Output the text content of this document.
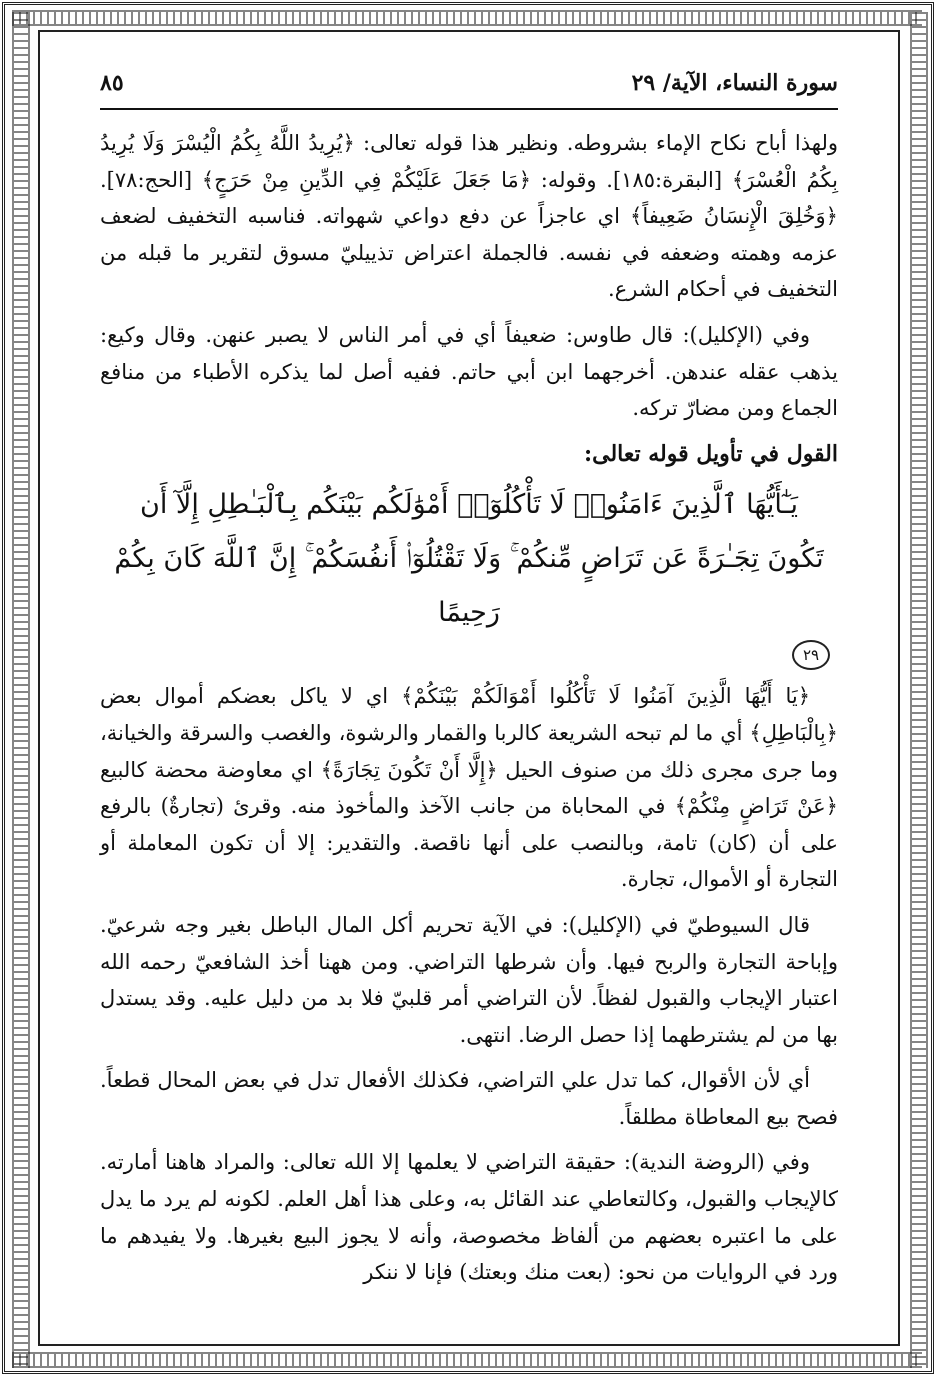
سورة النساء، الآية/ ٢٩
٨٥

ولهذا أباح نكاح الإماء بشروطه. ونظير هذا قوله تعالى: ﴿يُرِيدُ اللَّهُ بِكُمُ الْيُسْرَ وَلَا يُرِيدُ بِكُمُ الْعُسْرَ﴾ [البقرة:١٨٥]. وقوله: ﴿مَا جَعَلَ عَلَيْكُمْ فِي الدِّينِ مِنْ حَرَجٍ﴾ [الحج:٧٨]. ﴿وَخُلِقَ الْإِنسَانُ ضَعِيفاً﴾ اي عاجزاً عن دفع دواعي شهواته. فناسبه التخفيف لضعف عزمه وهمته وضعفه في نفسه. فالجملة اعتراض تذييليّ مسوق لتقرير ما قبله من التخفيف في أحكام الشرع.

وفي (الإكليل): قال طاوس: ضعيفاً أي في أمر الناس لا يصبر عنهن. وقال وكيع: يذهب عقله عندهن. أخرجهما ابن أبي حاتم. ففيه أصل لما يذكره الأطباء من منافع الجماع ومن مضارّ تركه.

القول في تأويل قوله تعالى:

يَـٰٓأَيُّهَا ٱلَّذِينَ ءَامَنُوا۟ لَا تَأْكُلُوٓا۟ أَمْوَٰلَكُم بَيْنَكُم بِٱلْبَـٰطِلِ إِلَّآ أَن
تَكُونَ تِجَـٰرَةً عَن تَرَاضٍ مِّنكُمْ ۚ وَلَا تَقْتُلُوٓا۟ أَنفُسَكُمْ ۚ إِنَّ ٱللَّهَ كَانَ بِكُمْ رَحِيمًا
٢٩

﴿يَا أَيُّهَا الَّذِينَ آمَنُوا لَا تَأْكُلُوا أَمْوَالَكُمْ بَيْنَكُمْ﴾ اي لا ياكل بعضكم أموال بعض ﴿بِالْبَاطِلِ﴾ أي ما لم تبحه الشريعة كالربا والقمار والرشوة، والغصب والسرقة والخيانة، وما جرى مجرى ذلك من صنوف الحيل ﴿إِلَّا أَنْ تَكُونَ تِجَارَةً﴾ اي معاوضة محضة كالبيع ﴿عَنْ تَرَاضٍ مِنْكُمْ﴾ في المحاباة من جانب الآخذ والمأخوذ منه. وقرئ (تجارةٌ) بالرفع على أن (كان) تامة، وبالنصب على أنها ناقصة. والتقدير: إلا أن تكون المعاملة أو التجارة أو الأموال، تجارة.

قال السيوطيّ في (الإكليل): في الآية تحريم أكل المال الباطل بغير وجه شرعيّ. وإباحة التجارة والربح فيها. وأن شرطها التراضي. ومن ههنا أخذ الشافعيّ رحمه الله اعتبار الإيجاب والقبول لفظاً. لأن التراضي أمر قلبيّ فلا بد من دليل عليه. وقد يستدل بها من لم يشترطهما إذا حصل الرضا. انتهى.

أي لأن الأقوال، كما تدل علي التراضي، فكذلك الأفعال تدل في بعض المحال قطعاً. فصح بيع المعاطاة مطلقاً.

وفي (الروضة الندية): حقيقة التراضي لا يعلمها إلا الله تعالى: والمراد هاهنا أمارته. كالإيجاب والقبول، وكالتعاطي عند القائل به، وعلى هذا أهل العلم. لكونه لم يرد ما يدل على ما اعتبره بعضهم من ألفاظ مخصوصة، وأنه لا يجوز البيع بغيرها. ولا يفيدهم ما ورد في الروايات من نحو: (بعت منك وبعتك) فإنا لا ننكر
